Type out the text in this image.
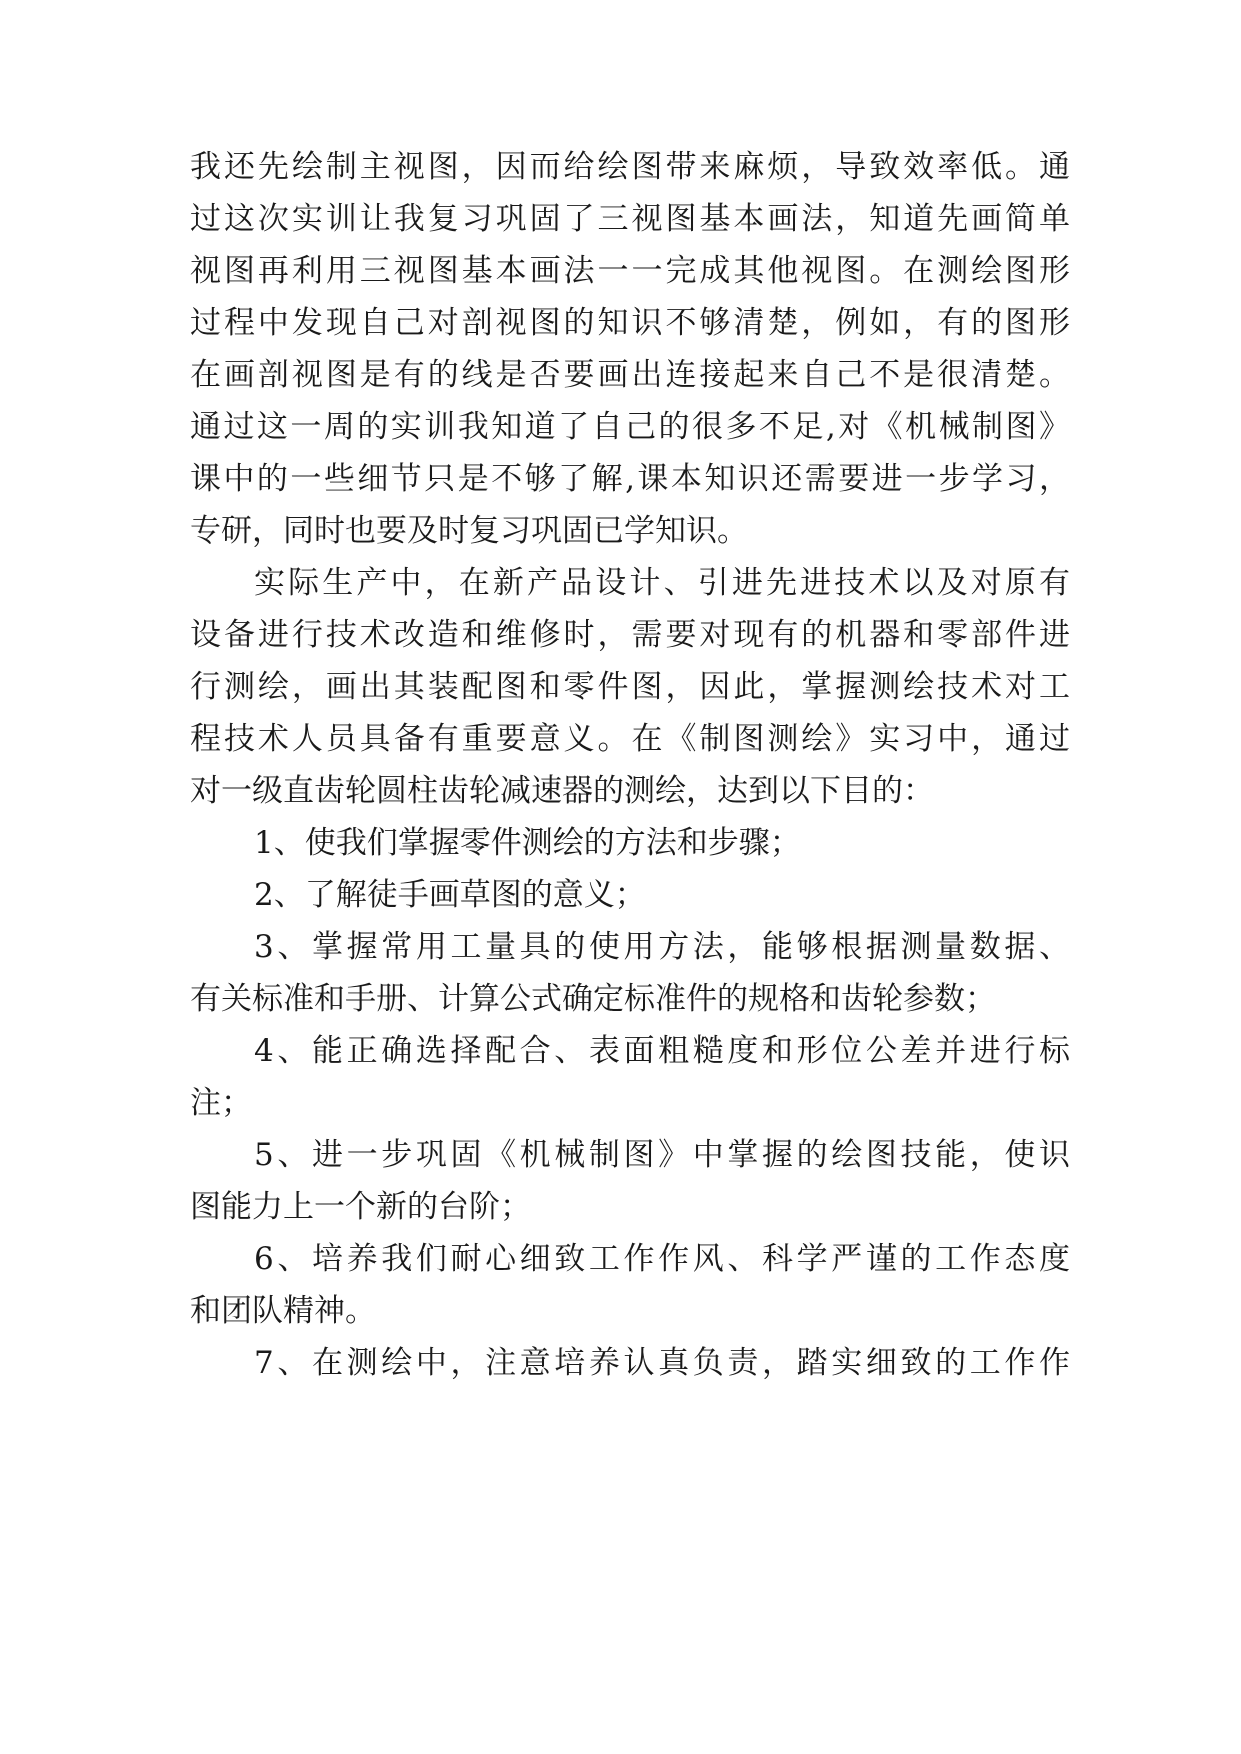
我还先绘制主视图，因而给绘图带来麻烦，导致效率低。通
过这次实训让我复习巩固了三视图基本画法，知道先画简单
视图再利用三视图基本画法一一完成其他视图。在测绘图形
过程中发现自己对剖视图的知识不够清楚，例如，有的图形
在画剖视图是有的线是否要画出连接起来自己不是很清楚。
通过这一周的实训我知道了自己的很多不足,对《机械制图》
课中的一些细节只是不够了解,课本知识还需要进一步学习，
专研，同时也要及时复习巩固已学知识。
实际生产中，在新产品设计、引进先进技术以及对原有
设备进行技术改造和维修时，需要对现有的机器和零部件进
行测绘，画出其装配图和零件图，因此，掌握测绘技术对工
程技术人员具备有重要意义。在《制图测绘》实习中，通过
对一级直齿轮圆柱齿轮减速器的测绘，达到以下目的：
1、使我们掌握零件测绘的方法和步骤；
2、了解徒手画草图的意义；
3、掌握常用工量具的使用方法，能够根据测量数据、
有关标准和手册、计算公式确定标准件的规格和齿轮参数；
4、能正确选择配合、表面粗糙度和形位公差并进行标
注；
5、进一步巩固《机械制图》中掌握的绘图技能，使识
图能力上一个新的台阶；
6、培养我们耐心细致工作作风、科学严谨的工作态度
和团队精神。
7、在测绘中，注意培养认真负责，踏实细致的工作作
